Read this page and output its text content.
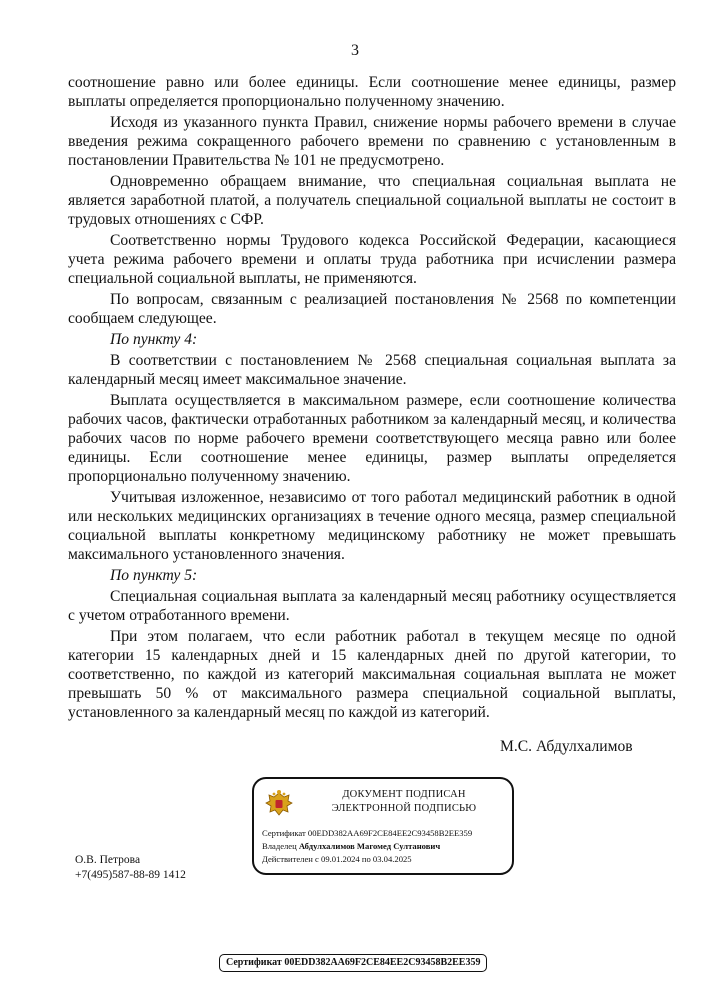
3

соотношение равно или более единицы. Если соотношение менее единицы, размер выплаты определяется пропорционально полученному значению.

Исходя из указанного пункта Правил, снижение нормы рабочего времени в случае введения режима сокращенного рабочего времени по сравнению с установленным в постановлении Правительства № 101 не предусмотрено.

Одновременно обращаем внимание, что специальная социальная выплата не является заработной платой, а получатель специальной социальной выплаты не состоит в трудовых отношениях с СФР.

Соответственно нормы Трудового кодекса Российской Федерации, касающиеся учета режима рабочего времени и оплаты труда работника при исчислении размера специальной социальной выплаты, не применяются.

По вопросам, связанным с реализацией постановления № 2568 по компетенции сообщаем следующее.

По пункту 4:

В соответствии с постановлением № 2568 специальная социальная выплата за календарный месяц имеет максимальное значение.

Выплата осуществляется в максимальном размере, если соотношение количества рабочих часов, фактически отработанных работником за календарный месяц, и количества рабочих часов по норме рабочего времени соответствующего месяца равно или более единицы. Если соотношение менее единицы, размер выплаты определяется пропорционально полученному значению.

Учитывая изложенное, независимо от того работал медицинский работник в одной или нескольких медицинских организациях в течение одного месяца, размер специальной социальной выплаты конкретному медицинскому работнику не может превышать максимального установленного значения.

По пункту 5:

Специальная социальная выплата за календарный месяц работнику осуществляется с учетом отработанного времени.

При этом полагаем, что если работник работал в текущем месяце по одной категории 15 календарных дней и 15 календарных дней по другой категории, то соответственно, по каждой из категорий максимальная социальная выплата не может превышать 50 % от максимального размера специальной социальной выплаты, установленного за календарный месяц по каждой из категорий.

М.С. Абдулхалимов
ДОКУМЕНТ ПОДПИСАН
ЭЛЕКТРОННОЙ ПОДПИСЬЮ
Сертификат 00EDD382AA69F2CE84EE2C93458B2EE359
Владелец Абдулхалимов Магомед Султанович
Действителен с 09.01.2024 по 03.04.2025
О.В. Петрова
+7(495)587-88-89 1412
Сертификат 00EDD382AA69F2CE84EE2C93458B2EE359
